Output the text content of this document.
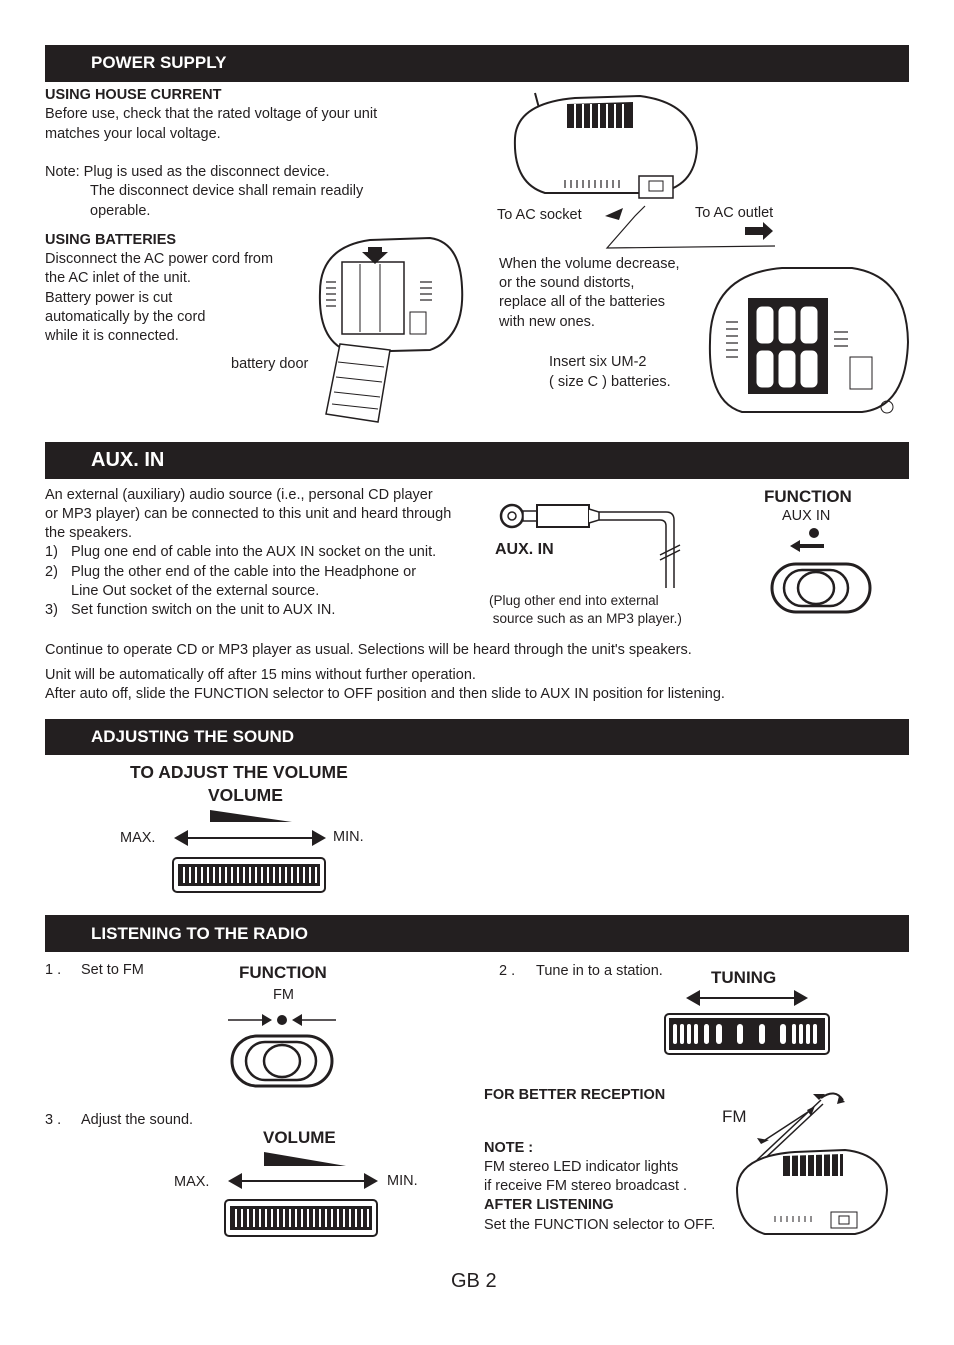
POWER SUPPLY
USING HOUSE CURRENT
Before use, check that the rated voltage of your unit
matches your local voltage.
Note: Plug is used as the disconnect device.
The disconnect device shall remain readily
operable.
USING BATTERIES
Disconnect the AC power cord from
the AC inlet of the unit.
Battery power is cut
automatically by the cord
while it is connected.
battery door
To AC socket	To AC outlet
When the volume decrease,
or the sound distorts,
replace all of the batteries
with new ones.
Insert six UM-2
( size C ) batteries.
AUX. IN
An external (auxiliary) audio source (i.e., personal CD player
or MP3 player) can be connected to this unit and heard through
the speakers.
1) Plug one end of cable into the AUX IN socket on the unit.
2) Plug the other end of the cable into the Headphone or
Line Out socket of the external source.
3) Set function switch on the unit to AUX IN.
AUX. IN
(Plug other end into external
source such as an MP3 player.)
FUNCTION
AUX IN
Continue to operate CD or MP3 player as usual. Selections will be heard through the unit's speakers.
Unit will be automatically off after 15 mins without further operation.
After auto off, slide the FUNCTION selector to OFF position and then slide to AUX IN position for listening.
ADJUSTING THE SOUND
TO ADJUST THE VOLUME
VOLUME
MAX.	MIN.
LISTENING TO THE RADIO
1 . Set to FM	FUNCTION
FM
2 . Tune in to a station.	TUNING
3 . Adjust the sound.
VOLUME
MAX.	MIN.
FOR BETTER RECEPTION
FM
NOTE :
FM stereo LED indicator lights
if receive FM stereo broadcast .
AFTER LISTENING
Set the FUNCTION selector to OFF.
GB 2
